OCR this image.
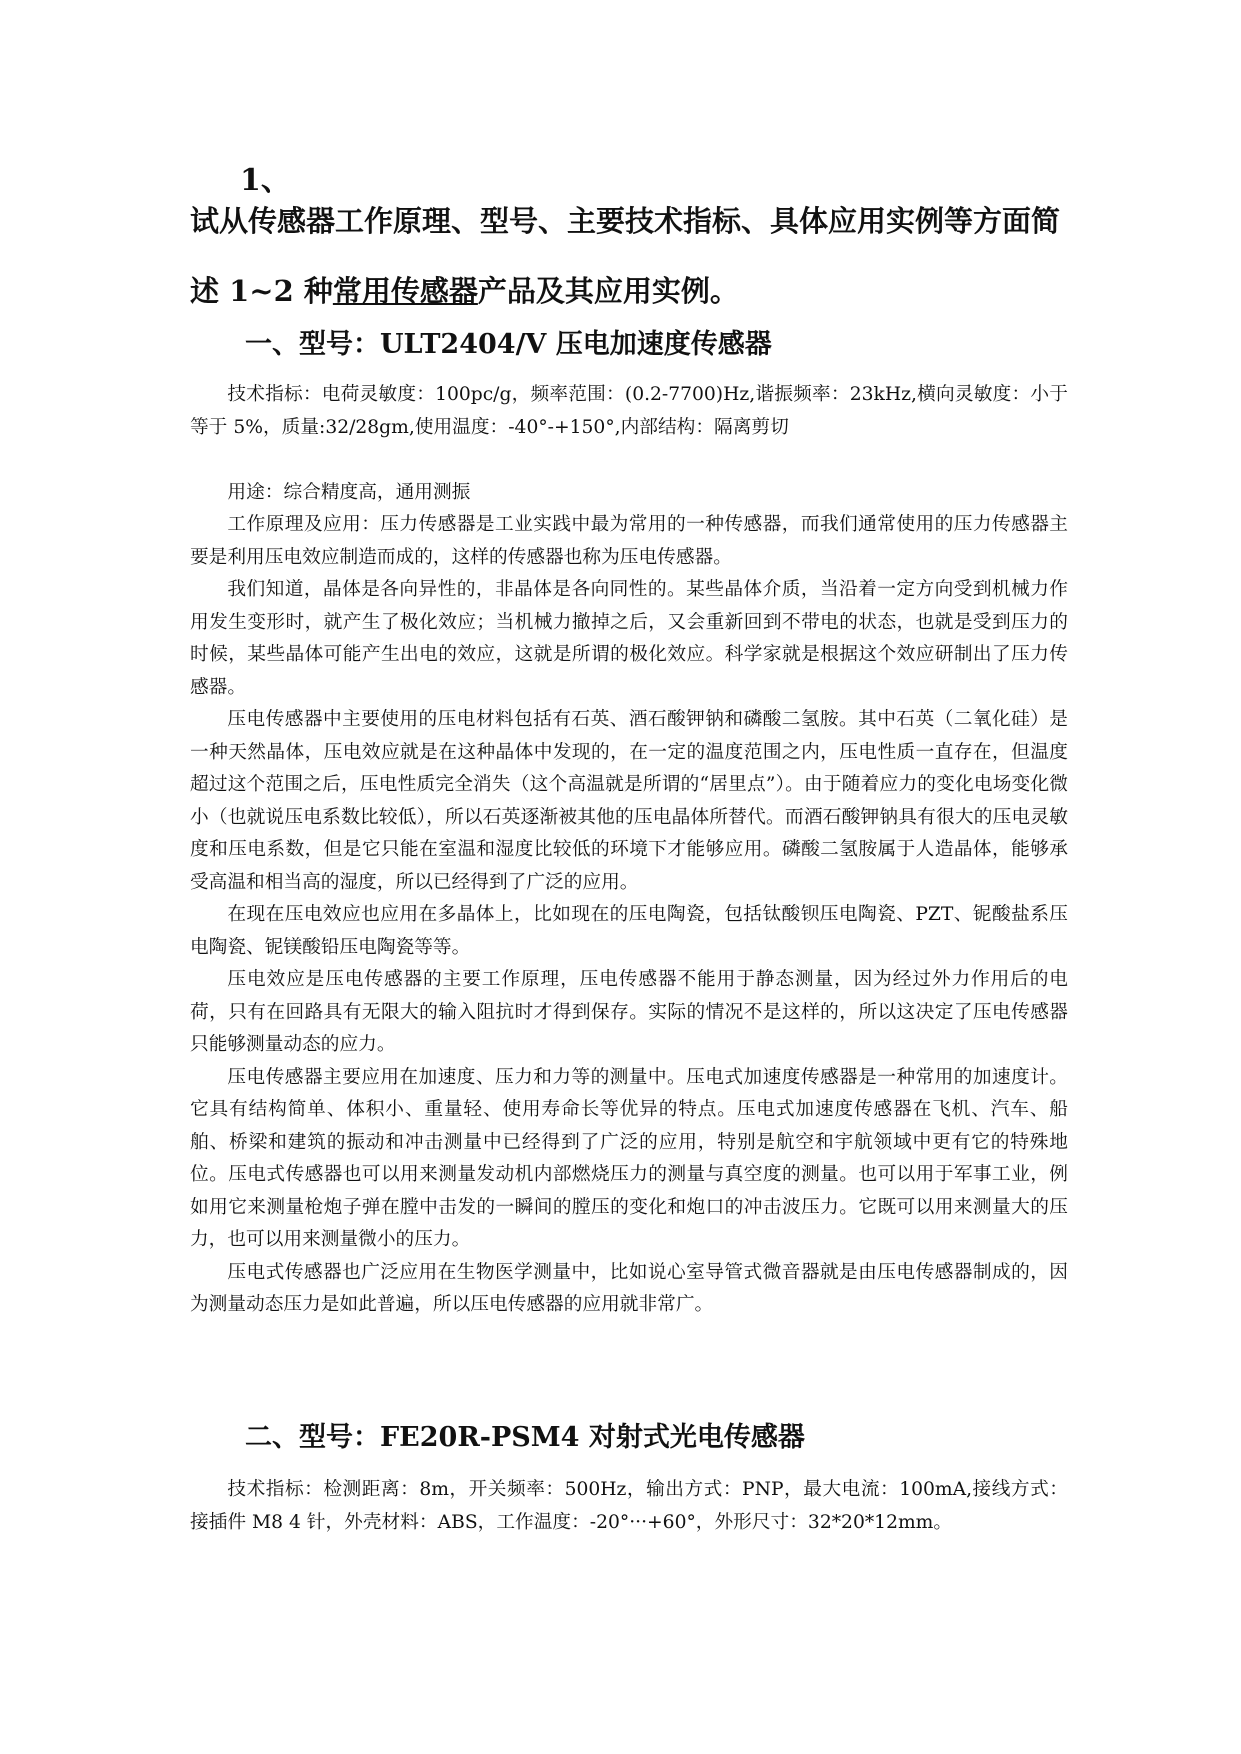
1、
试从传感器工作原理、型号、主要技术指标、具体应用实例等方面简述 1~2 种常用传感器产品及其应用实例。
一、型号：ULT2404/V 压电加速度传感器

技术指标：电荷灵敏度：100pc/g，频率范围：(0.2-7700)Hz,谐振频率：23kHz,横向灵敏度：小于等于 5%，质量:32/28gm,使用温度：-40°-+150°,内部结构：隔离剪切

用途：综合精度高，通用测振

工作原理及应用：压力传感器是工业实践中最为常用的一种传感器，而我们通常使用的压力传感器主要是利用压电效应制造而成的，这样的传感器也称为压电传感器。

我们知道，晶体是各向异性的，非晶体是各向同性的。某些晶体介质，当沿着一定方向受到机械力作用发生变形时，就产生了极化效应；当机械力撤掉之后，又会重新回到不带电的状态，也就是受到压力的时候，某些晶体可能产生出电的效应，这就是所谓的极化效应。科学家就是根据这个效应研制出了压力传感器。

压电传感器中主要使用的压电材料包括有石英、酒石酸钾钠和磷酸二氢胺。其中石英（二氧化硅）是一种天然晶体，压电效应就是在这种晶体中发现的，在一定的温度范围之内，压电性质一直存在，但温度超过这个范围之后，压电性质完全消失（这个高温就是所谓的“居里点”）。由于随着应力的变化电场变化微小（也就说压电系数比较低），所以石英逐渐被其他的压电晶体所替代。而酒石酸钾钠具有很大的压电灵敏度和压电系数，但是它只能在室温和湿度比较低的环境下才能够应用。磷酸二氢胺属于人造晶体，能够承受高温和相当高的湿度，所以已经得到了广泛的应用。

在现在压电效应也应用在多晶体上，比如现在的压电陶瓷，包括钛酸钡压电陶瓷、PZT、铌酸盐系压电陶瓷、铌镁酸铅压电陶瓷等等。

压电效应是压电传感器的主要工作原理，压电传感器不能用于静态测量，因为经过外力作用后的电荷，只有在回路具有无限大的输入阻抗时才得到保存。实际的情况不是这样的，所以这决定了压电传感器只能够测量动态的应力。

压电传感器主要应用在加速度、压力和力等的测量中。压电式加速度传感器是一种常用的加速度计。它具有结构简单、体积小、重量轻、使用寿命长等优异的特点。压电式加速度传感器在飞机、汽车、船舶、桥梁和建筑的振动和冲击测量中已经得到了广泛的应用，特别是航空和宇航领域中更有它的特殊地位。压电式传感器也可以用来测量发动机内部燃烧压力的测量与真空度的测量。也可以用于军事工业，例如用它来测量枪炮子弹在膛中击发的一瞬间的膛压的变化和炮口的冲击波压力。它既可以用来测量大的压力，也可以用来测量微小的压力。

压电式传感器也广泛应用在生物医学测量中，比如说心室导管式微音器就是由压电传感器制成的，因为测量动态压力是如此普遍，所以压电传感器的应用就非常广。

二、型号：FE20R-PSM4 对射式光电传感器

技术指标：检测距离：8m，开关频率：500Hz，输出方式：PNP，最大电流：100mA,接线方式：接插件 M8 4 针，外壳材料：ABS，工作温度：-20°···+60°，外形尺寸：32*20*12mm。
